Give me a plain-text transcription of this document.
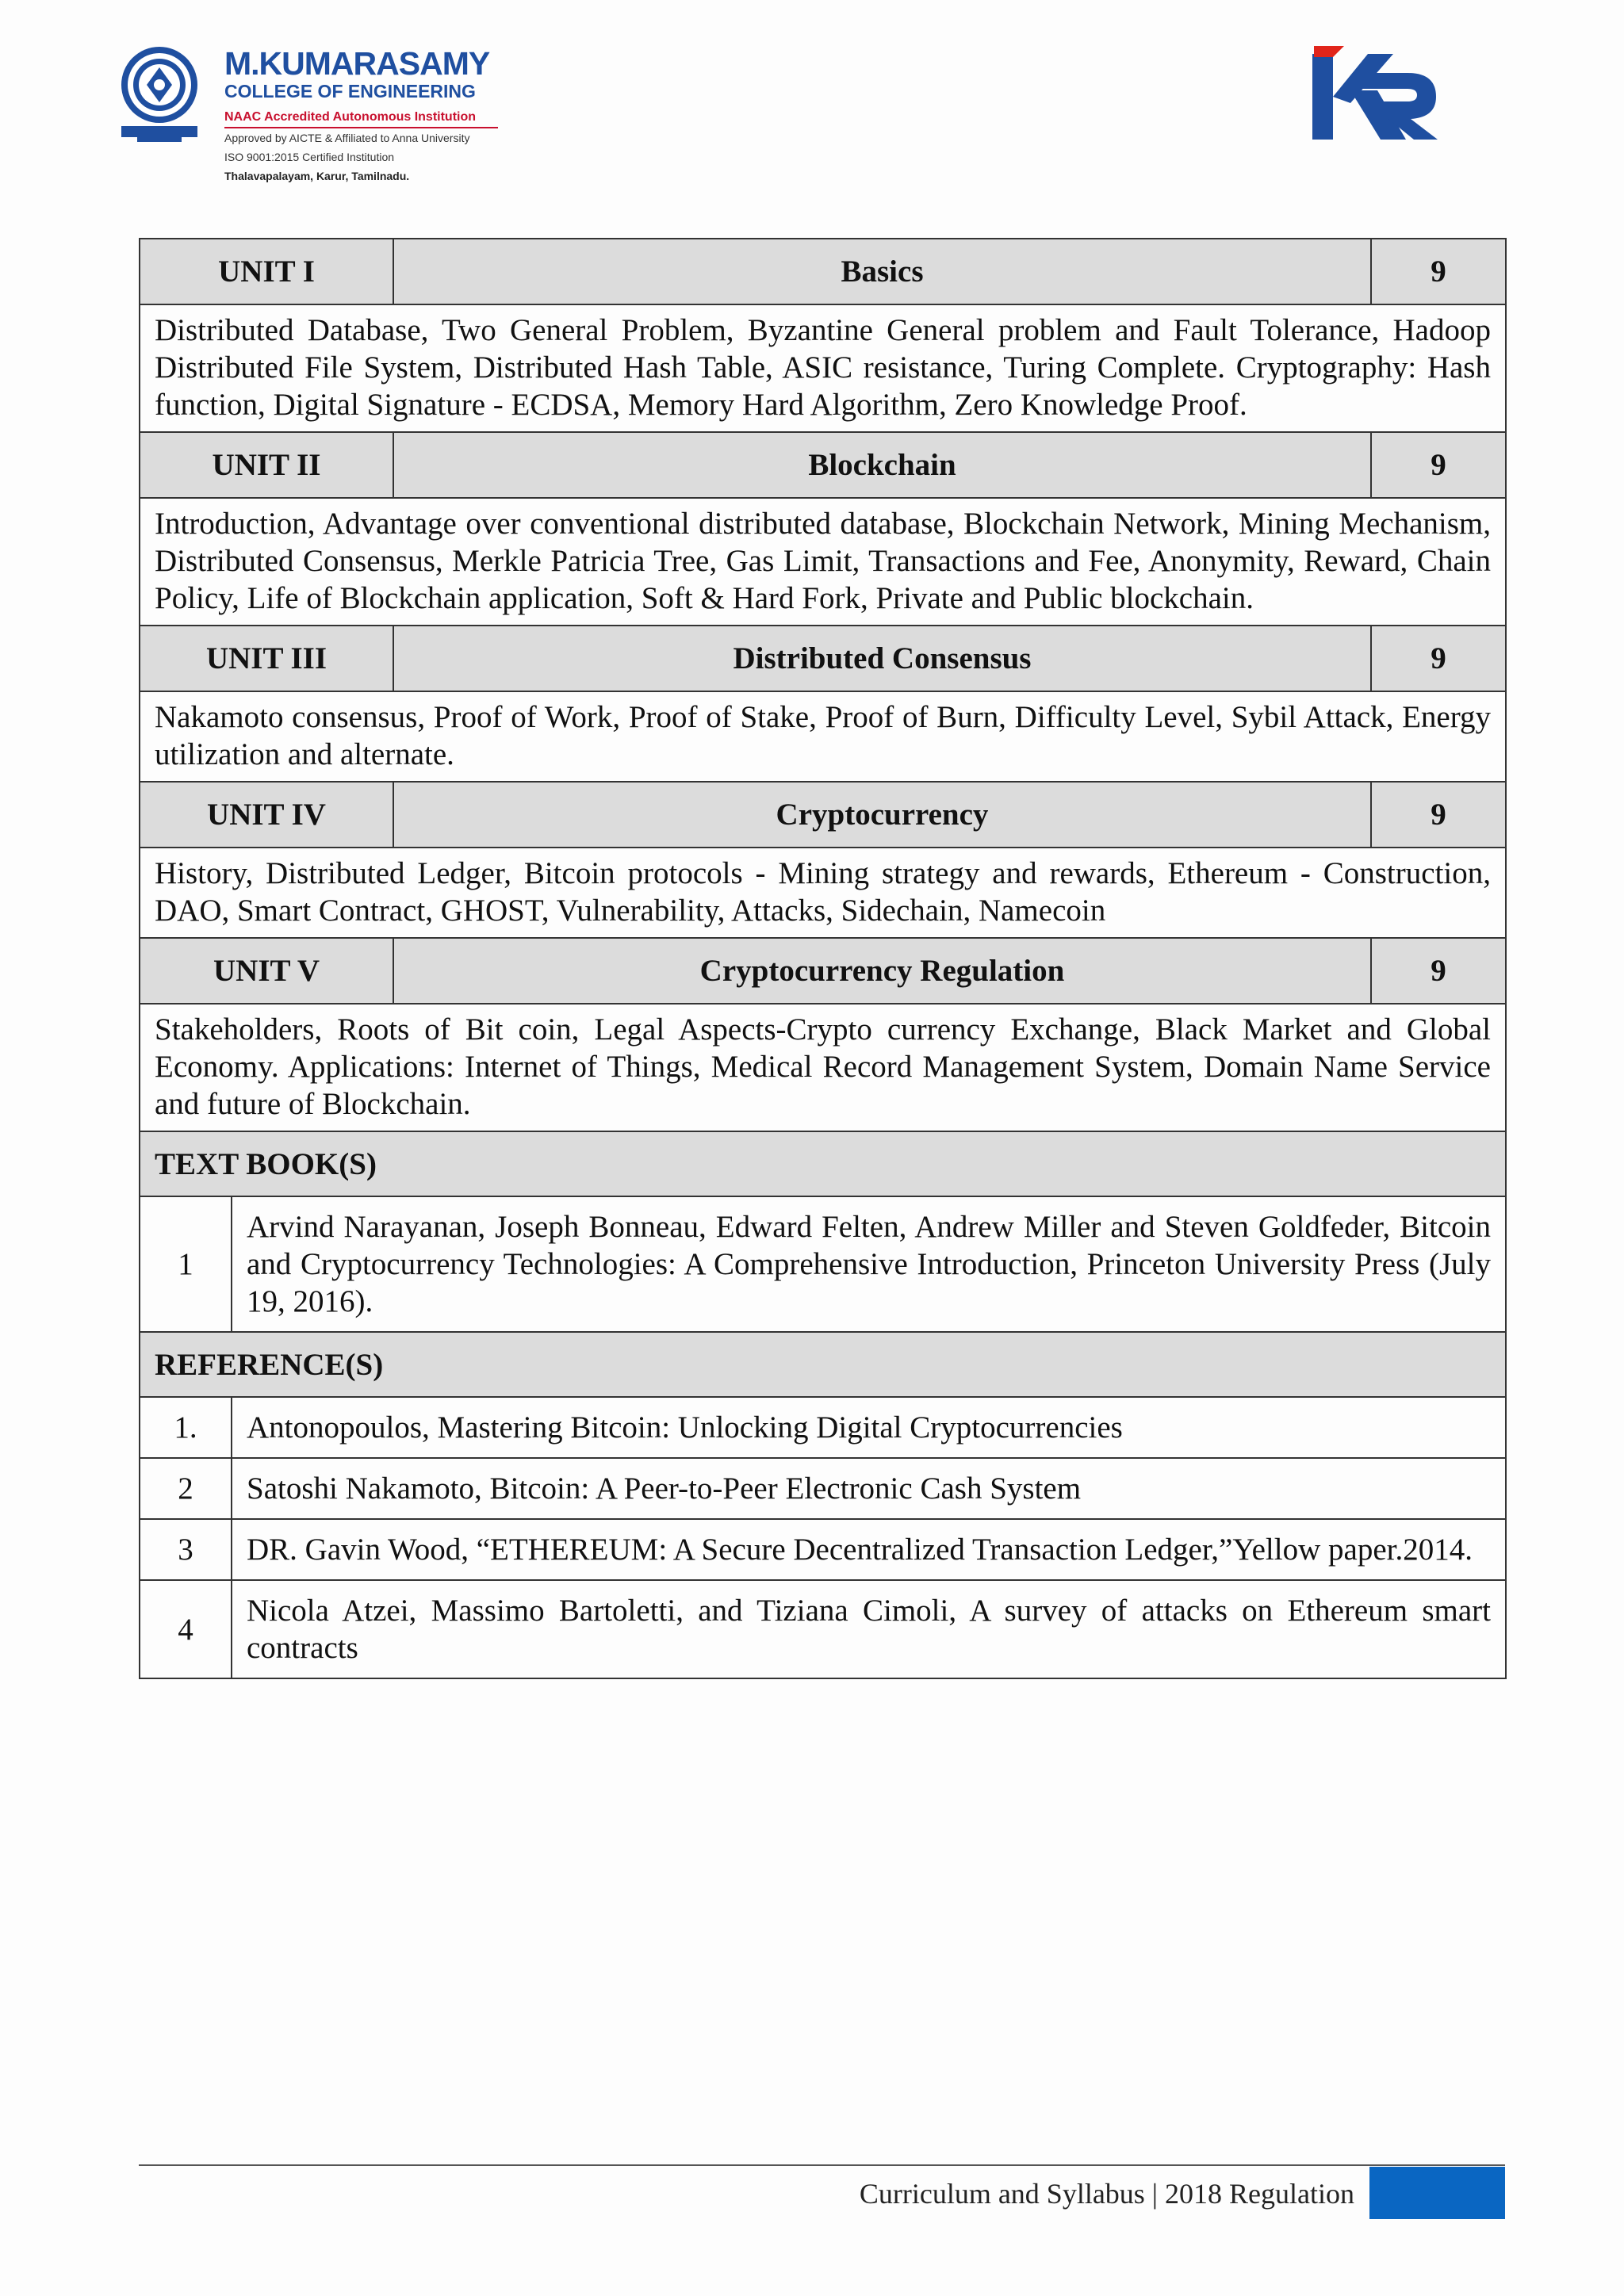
M.KUMARASAMY
COLLEGE OF ENGINEERING
NAAC Accredited Autonomous Institution
Approved by AICTE & Affiliated to Anna University
ISO 9001:2015 Certified Institution
Thalavapalayam, Karur, Tamilnadu.
UNIT I		Basics	9
Distributed Database, Two General Problem, Byzantine General problem and Fault Tolerance, Hadoop Distributed File System, Distributed Hash Table, ASIC resistance, Turing Complete. Cryptography: Hash function, Digital Signature - ECDSA, Memory Hard Algorithm, Zero Knowledge Proof.			
UNIT II		Blockchain	9
Introduction, Advantage over conventional distributed database, Blockchain Network, Mining Mechanism, Distributed Consensus, Merkle Patricia Tree, Gas Limit, Transactions and Fee, Anonymity, Reward, Chain Policy, Life of Blockchain application, Soft & Hard Fork, Private and Public blockchain.			
UNIT III		Distributed Consensus	9
Nakamoto consensus, Proof of Work, Proof of Stake, Proof of Burn, Difficulty Level, Sybil Attack, Energy utilization and alternate.			
UNIT IV		Cryptocurrency	9
History, Distributed Ledger, Bitcoin protocols - Mining strategy and rewards, Ethereum - Construction, DAO, Smart Contract, GHOST, Vulnerability, Attacks, Sidechain, Namecoin			
UNIT V		Cryptocurrency Regulation	9
Stakeholders, Roots of Bit coin, Legal Aspects-Crypto currency Exchange, Black Market and Global Economy. Applications: Internet of Things, Medical Record Management System, Domain Name Service and future of Blockchain.			
TEXT BOOK(S)			
1	Arvind Narayanan, Joseph Bonneau, Edward Felten, Andrew Miller and Steven Goldfeder, Bitcoin and Cryptocurrency Technologies: A Comprehensive Introduction, Princeton University Press (July 19, 2016).		
REFERENCE(S)			
1.	Antonopoulos, Mastering Bitcoin: Unlocking Digital Cryptocurrencies		
2	Satoshi Nakamoto, Bitcoin: A Peer-to-Peer Electronic Cash System		
3	DR. Gavin Wood, “ETHEREUM: A Secure Decentralized Transaction Ledger,”Yellow paper.2014.		
4	Nicola Atzei, Massimo Bartoletti, and Tiziana Cimoli, A survey of attacks on Ethereum smart contracts		
Curriculum and Syllabus | 2018 Regulation
